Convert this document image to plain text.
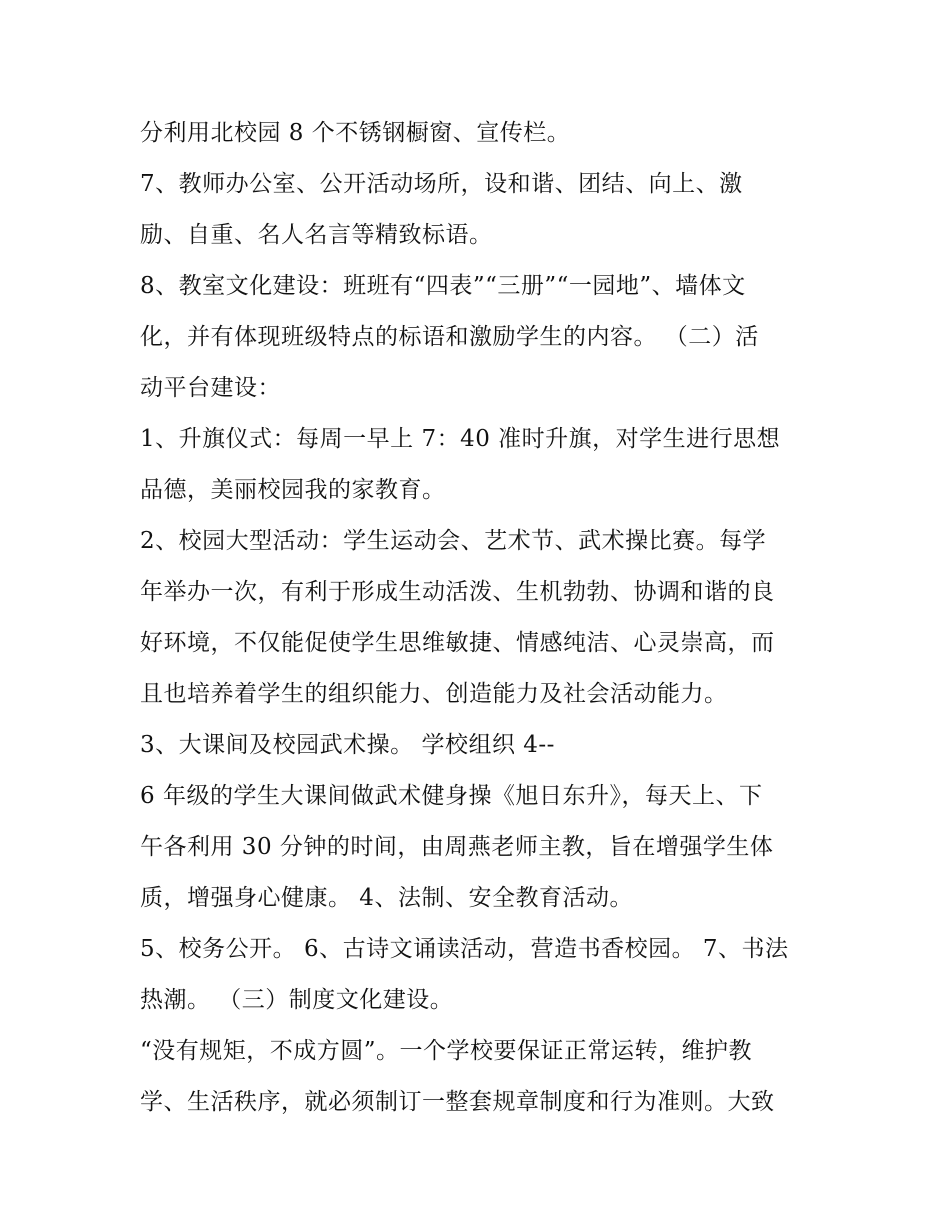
分利用北校园 8 个不锈钢橱窗、宣传栏。

7、教师办公室、公开活动场所，设和谐、团结、向上、激

励、自重、名人名言等精致标语。

8、教室文化建设：班班有“四表”“三册”“一园地”、墙体文

化，并有体现班级特点的标语和激励学生的内容。 （二）活

动平台建设：

1、升旗仪式：每周一早上 7：40 准时升旗，对学生进行思想

品德，美丽校园我的家教育。

2、校园大型活动：学生运动会、艺术节、武术操比赛。每学

年举办一次，有利于形成生动活泼、生机勃勃、协调和谐的良

好环境，不仅能促使学生思维敏捷、情感纯洁、心灵崇高，而

且也培养着学生的组织能力、创造能力及社会活动能力。

3、大课间及校园武术操。 学校组织 4--

6 年级的学生大课间做武术健身操《旭日东升》，每天上、下

午各利用 30 分钟的时间，由周燕老师主教，旨在增强学生体

质，增强身心健康。 4、法制、安全教育活动。

5、校务公开。 6、古诗文诵读活动，营造书香校园。 7、书法

热潮。 （三）制度文化建设。

“没有规矩，不成方圆”。一个学校要保证正常运转，维护教

学、生活秩序，就必须制订一整套规章制度和行为准则。大致
